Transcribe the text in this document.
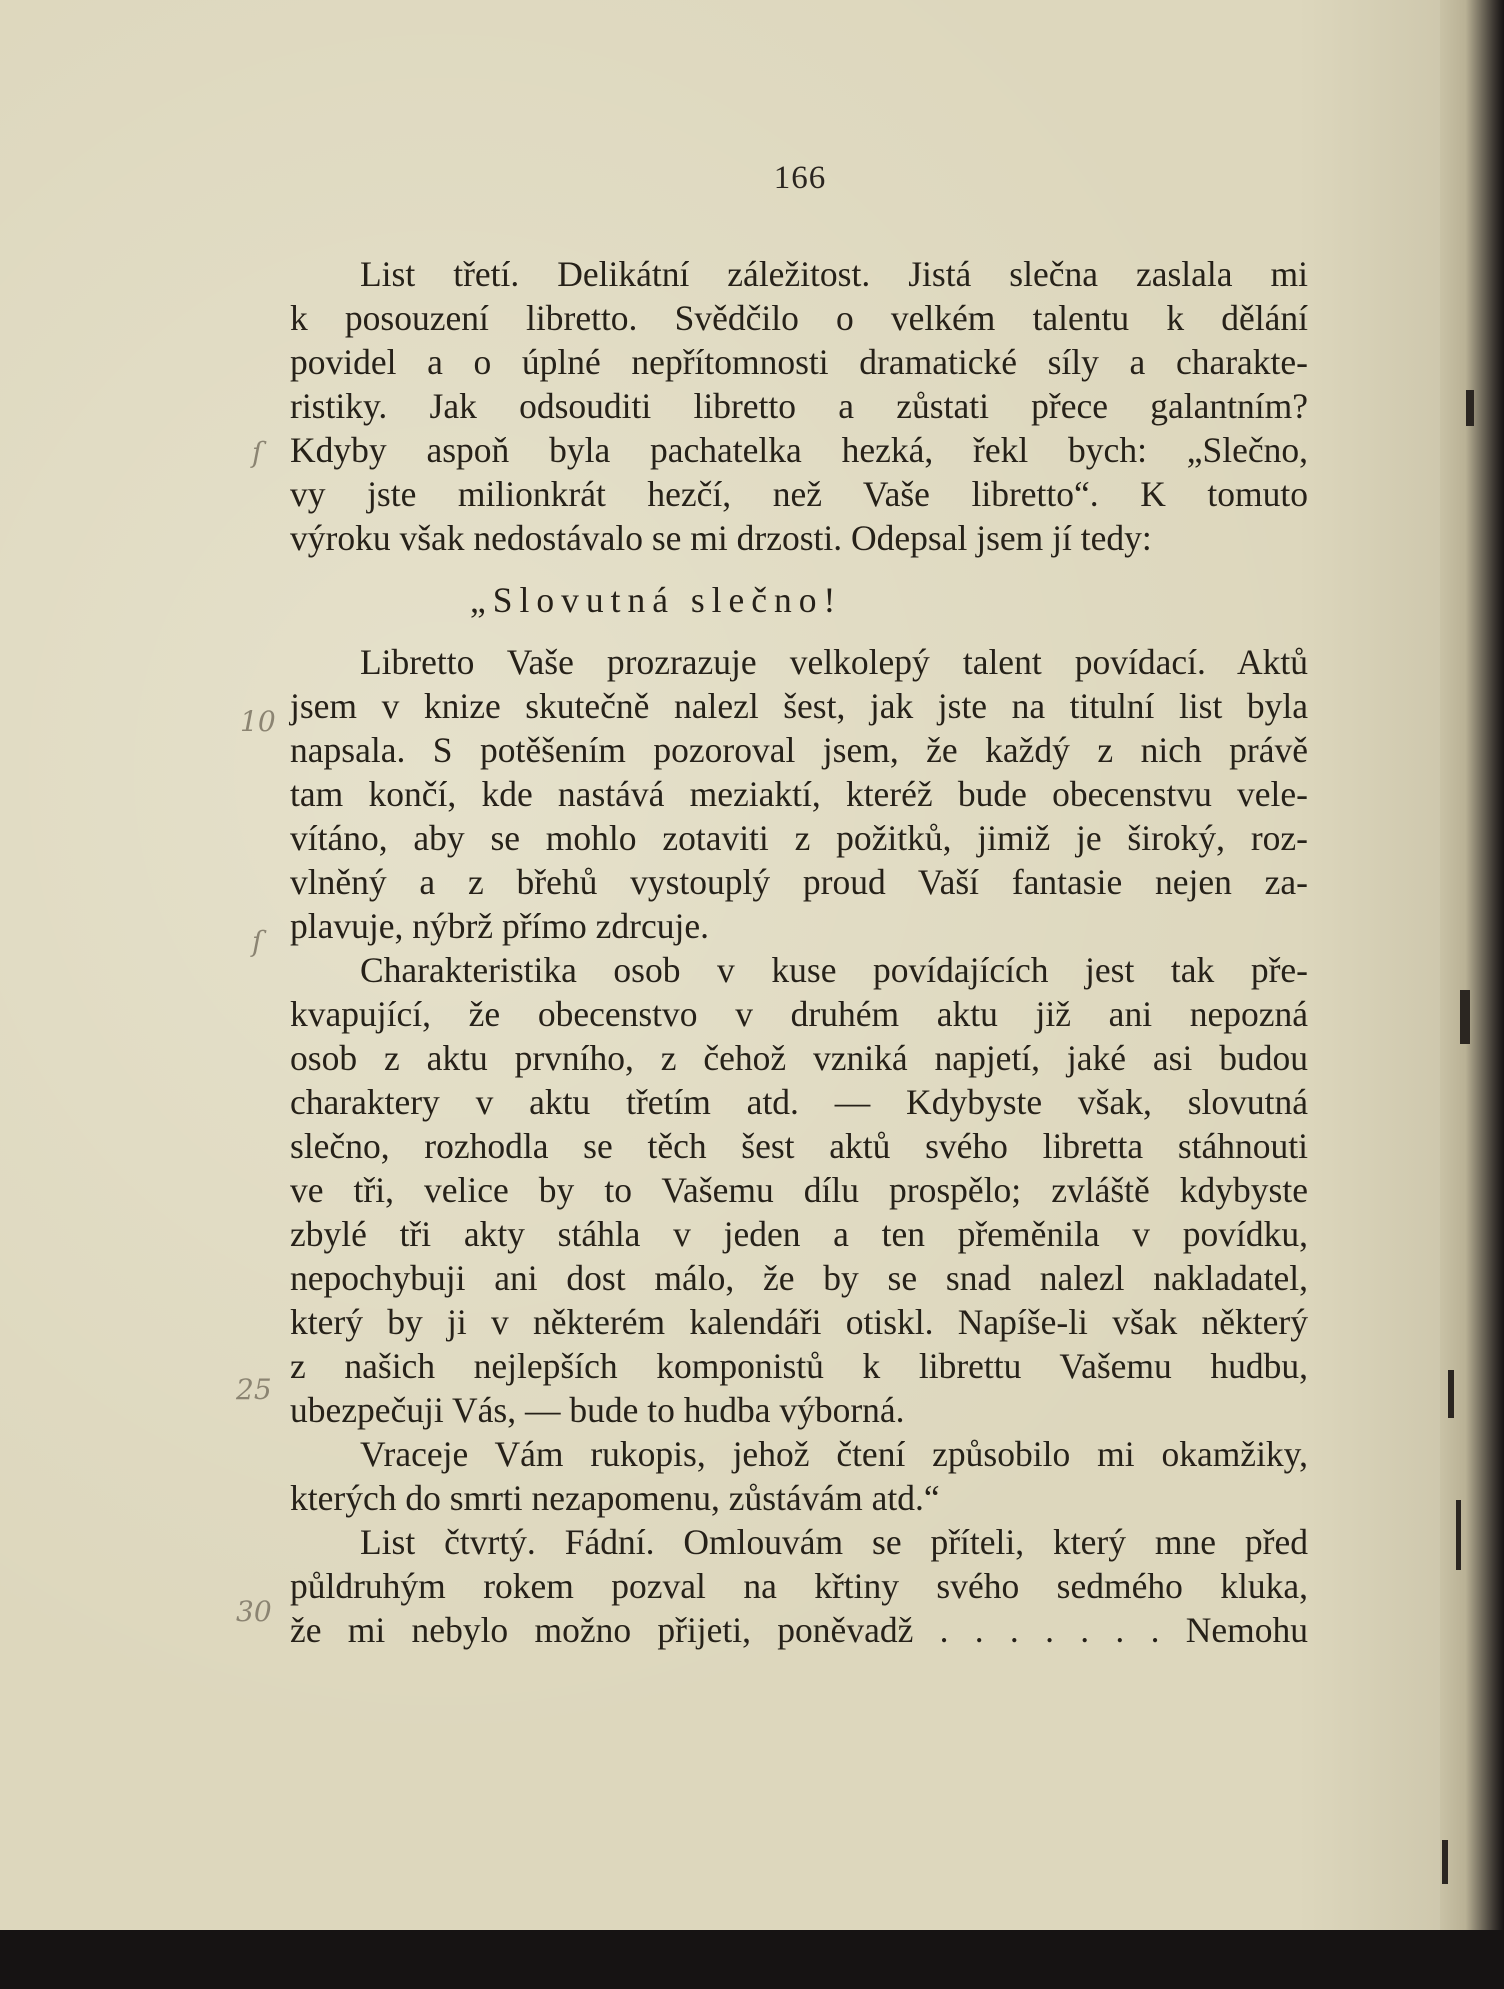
166
List třetí. Delikátní záležitost. Jistá slečna zaslala mi
k posouzení libretto. Svědčilo o velkém talentu k dělání
povidel a o úplné nepřítomnosti dramatické síly a charakte-
ristiky. Jak odsouditi libretto a zůstati přece galantním?
Kdyby aspoň byla pachatelka hezká, řekl bych: „Slečno,
vy jste milionkrát hezčí, než Vaše libretto“. K tomuto
výroku však nedostávalo se mi drzosti. Odepsal jsem jí tedy:
„Slovutná slečno!
Libretto Vaše prozrazuje velkolepý talent povídací. Aktů
jsem v knize skutečně nalezl šest, jak jste na titulní list byla
napsala. S potěšením pozoroval jsem, že každý z nich právě
tam končí, kde nastává meziaktí, kteréž bude obecenstvu vele-
vítáno, aby se mohlo zotaviti z požitků, jimiž je široký, roz-
vlněný a z břehů vystouplý proud Vaší fantasie nejen za-
plavuje, nýbrž přímo zdrcuje.
Charakteristika osob v kuse povídajících jest tak pře-
kvapující, že obecenstvo v druhém aktu již ani nepozná
osob z aktu prvního, z čehož vzniká napjetí, jaké asi budou
charaktery v aktu třetím atd. — Kdybyste však, slovutná
slečno, rozhodla se těch šest aktů svého libretta stáhnouti
ve tři, velice by to Vašemu dílu prospělo; zvláště kdybyste
zbylé tři akty stáhla v jeden a ten přeměnila v povídku,
nepochybuji ani dost málo, že by se snad nalezl nakladatel,
který by ji v některém kalendáři otiskl. Napíše-li však některý
z našich nejlepších komponistů k librettu Vašemu hudbu,
ubezpečuji Vás, — bude to hudba výborná.
Vraceje Vám rukopis, jehož čtení způsobilo mi okamžiky,
kterých do smrti nezapomenu, zůstávám atd.“
List čtvrtý. Fádní. Omlouvám se příteli, který mne před
půldruhým rokem pozval na křtiny svého sedmého kluka,
že mi nebylo možno přijeti, poněvadž . . . . . . . Nemohu
ſ
10
ſ
25
30
